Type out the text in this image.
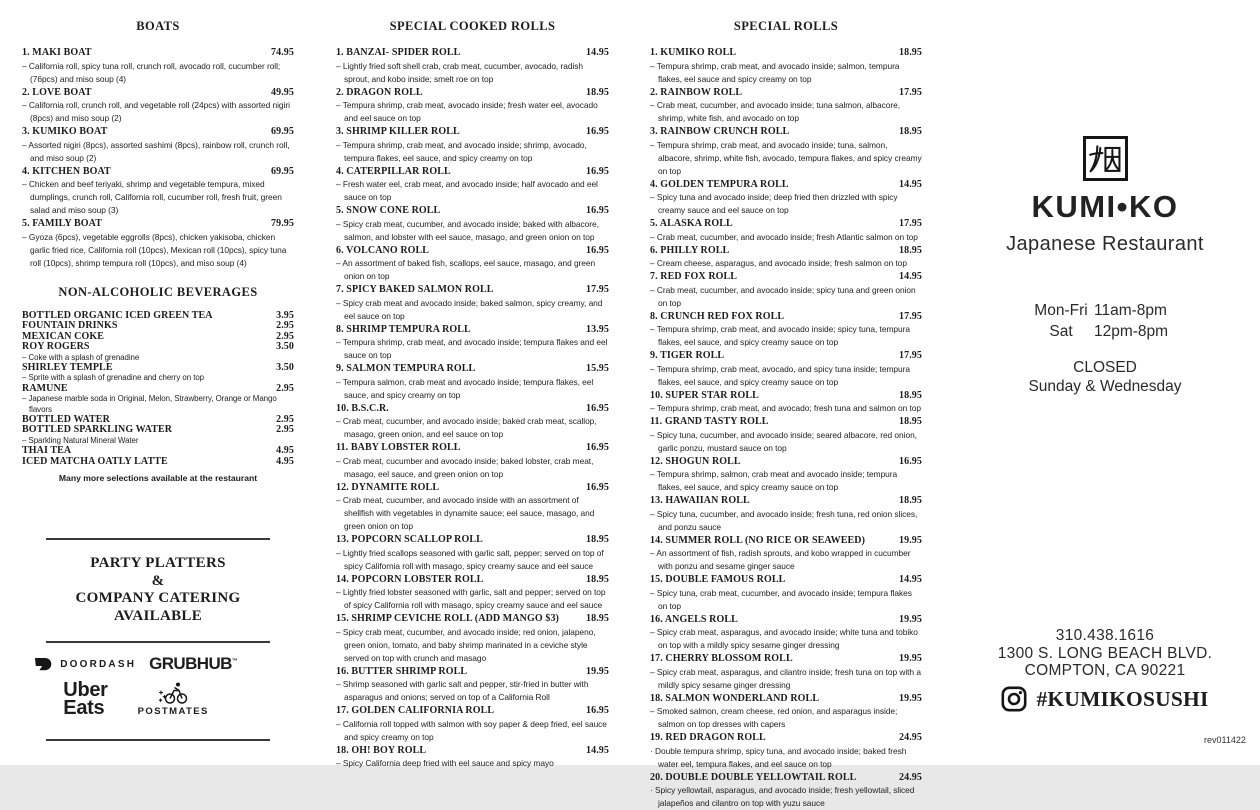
BOATS
1. MAKI BOAT	74.95
– California roll, spicy tuna roll, crunch roll, avocado roll, cucumber roll; (76pcs) and miso soup (4)
2. LOVE BOAT	49.95
– California roll, crunch roll, and vegetable roll (24pcs) with assorted nigiri (8pcs) and miso soup (2)
3. KUMIKO BOAT	69.95
– Assorted nigiri (8pcs), assorted sashimi (8pcs), rainbow roll, crunch roll, and miso soup (2)
4. KITCHEN BOAT	69.95
– Chicken and beef teriyaki, shrimp and vegetable tempura, mixed dumplings, crunch roll, California roll, cucumber roll, fresh fruit, green salad and miso soup (3)
5. FAMILY BOAT	79.95
– Gyoza (6pcs), vegetable eggrolls (8pcs), chicken yakisoba, chicken garlic fried rice, California roll (10pcs), Mexican roll (10pcs), spicy tuna roll (10pcs), shrimp tempura roll (10pcs), and miso soup (4)
NON-ALCOHOLIC BEVERAGES
BOTTLED ORGANIC ICED GREEN TEA	3.95
FOUNTAIN DRINKS	2.95
MEXICAN COKE	2.95
ROY ROGERS	3.50
– Coke with a splash of grenadine
SHIRLEY TEMPLE	3.50
– Sprite with a splash of grenadine and cherry on top
RAMUNE	2.95
– Japanese marble soda in Original, Melon, Strawberry, Orange or Mango flavors
BOTTLED WATER	2.95
BOTTLED SPARKLING WATER	2.95
– Sparkling Natural Mineral Water
THAI TEA	4.95
ICED MATCHA OATLY LATTE	4.95
Many more selections available at the restaurant
PARTY PLATTERS
&
COMPANY CATERING
AVAILABLE
DOORDASH GRUBHUB™
Uber
Eats	POSTMATES
SPECIAL COOKED ROLLS
1. BANZAI- SPIDER ROLL	14.95
– Lightly fried soft shell crab, crab meat, cucumber, avocado, radish sprout, and kobo inside; smelt roe on top
2. DRAGON ROLL	18.95
– Tempura shrimp, crab meat, avocado inside; fresh water eel, avocado and eel sauce on top
3. SHRIMP KILLER ROLL	16.95
– Tempura shrimp, crab meat, and avocado inside; shrimp, avocado, tempura flakes, eel sauce, and spicy creamy on top
4. CATERPILLAR ROLL	16.95
– Fresh water eel, crab meat, and avocado inside; half avocado and eel sauce on top
5. SNOW CONE ROLL	16.95
– Spicy crab meat, cucumber, and avocado inside; baked with albacore, salmon, and lobster with eel sauce, masago, and green onion on top
6. VOLCANO ROLL	16.95
– An assortment of baked fish, scallops, eel sauce, masago, and green onion on top
7. SPICY BAKED SALMON ROLL	17.95
– Spicy crab meat and avocado inside; baked salmon, spicy creamy, and eel sauce on top
8. SHRIMP TEMPURA ROLL	13.95
– Tempura shrimp, crab meat, and avocado inside; tempura flakes and eel sauce on top
9. SALMON TEMPURA ROLL	15.95
– Tempura salmon, crab meat and avocado inside; tempura flakes, eel sauce, and spicy creamy on top
10. B.S.C.R.	16.95
– Crab meat, cucumber, and avocado inside; baked crab meat, scallop, masago, green onion, and eel sauce on top
11. BABY LOBSTER ROLL	16.95
– Crab meat, cucumber and avocado inside; baked lobster, crab meat, masago, eel sauce, and green onion on top
12. DYNAMITE ROLL	16.95
– Crab meat, cucumber, and avocado inside with an assortment of shellfish with vegetables in dynamite sauce; eel sauce, masago, and green onion on top
13. POPCORN SCALLOP ROLL	18.95
– Lightly fried scallops seasoned with garlic salt, pepper; served on top of spicy California roll with masago, spicy creamy sauce and eel sauce
14. POPCORN LOBSTER ROLL	18.95
– Lightly fried lobster seasoned with garlic, salt and pepper; served on top of spicy California roll with masago, spicy creamy sauce and eel sauce
15. SHRIMP CEVICHE ROLL (ADD MANGO $3)	18.95
– Spicy crab meat, cucumber, and avocado inside; red onion, jalapeno, green onion, tomato, and baby shrimp marinated in a ceviche style served on top with crunch and masago
16. BUTTER SHRIMP ROLL	19.95
– Shrimp seasoned with garlic salt and pepper, stir-fried in butter with asparagus and onions; served on top of a California Roll
17. GOLDEN CALIFORNIA ROLL	16.95
– California roll topped with salmon with soy paper & deep fried, eel sauce and spicy creamy on top
18. OH! BOY ROLL	14.95
– Spicy California deep fried with eel sauce and spicy mayo
SPECIAL ROLLS
1. KUMIKO ROLL	18.95
– Tempura shrimp, crab meat, and avocado inside; salmon, tempura flakes, eel sauce and spicy creamy on top
2. RAINBOW ROLL	17.95
– Crab meat, cucumber, and avocado inside; tuna salmon, albacore, shrimp, white fish, and avocado on top
3. RAINBOW CRUNCH ROLL	18.95
– Tempura shrimp, crab meat, and avocado inside; tuna, salmon, albacore, shrimp, white fish, avocado, tempura flakes, and spicy creamy on top
4. GOLDEN TEMPURA ROLL	14.95
– Spicy tuna and avocado inside; deep fried then drizzled with spicy creamy sauce and eel sauce on top
5. ALASKA ROLL	17.95
– Crab meat, cucumber, and avocado inside; fresh Atlantic salmon on top
6. PHILLY ROLL	18.95
– Cream cheese, asparagus, and avocado inside; fresh salmon on top
7. RED FOX ROLL	14.95
– Crab meat, cucumber, and avocado inside; spicy tuna and green onion on top
8. CRUNCH RED FOX ROLL	17.95
– Tempura shrimp, crab meat, and avocado inside; spicy tuna, tempura flakes, eel sauce, and spicy creamy sauce on top
9. TIGER ROLL	17.95
– Tempura shrimp, crab meat, avocado, and spicy tuna inside; tempura flakes, eel sauce, and spicy creamy sauce on top
10. SUPER STAR ROLL	18.95
– Tempura shrimp, crab meat, and avocado; fresh tuna and salmon on top
11. GRAND TASTY ROLL	18.95
– Spicy tuna, cucumber, and avocado inside; seared albacore, red onion, garlic ponzu, mustard sauce on top
12. SHOGUN ROLL	16.95
– Tempura shrimp, salmon, crab meat and avocado inside; tempura flakes, eel sauce, and spicy creamy sauce on top
13. HAWAIIAN ROLL	18.95
– Spicy tuna, cucumber, and avocado inside; fresh tuna, red onion slices, and ponzu sauce
14. SUMMER ROLL (NO RICE OR SEAWEED)	19.95
– An assortment of fish, radish sprouts, and kobo wrapped in cucumber with ponzu and sesame ginger sauce
15. DOUBLE FAMOUS ROLL	14.95
– Spicy tuna, crab meat, cucumber, and avocado inside; tempura flakes on top
16. ANGELS ROLL	19.95
– Spicy crab meat, asparagus, and avocado inside; white tuna and tobiko on top with a mildly spicy sesame ginger dressing
17. CHERRY BLOSSOM ROLL	19.95
– Spicy crab meat, asparagus, and cilantro inside; fresh tuna on top with a mildly spicy sesame ginger dressing
18. SALMON WONDERLAND ROLL	19.95
– Smoked salmon, cream cheese, red onion, and asparagus inside; salmon on top dresses with capers
19. RED DRAGON ROLL	24.95
· Double tempura shrimp, spicy tuna, and avocado inside; baked fresh water eel, tempura flakes, and eel sauce on top
20. DOUBLE DOUBLE YELLOWTAIL ROLL	24.95
· Spicy yellowtail, asparagus, and avocado inside; fresh yellowtail, sliced jalapeños and cilantro on top with yuzu sauce
KUMI•KO
Japanese Restaurant
Mon-Fri 11am-8pm
Sat	12pm-8pm
CLOSED
Sunday & Wednesday
310.438.1616
1300 S. LONG BEACH BLVD.
COMPTON, CA 90221
#KUMIKOSUSHI
rev011422
